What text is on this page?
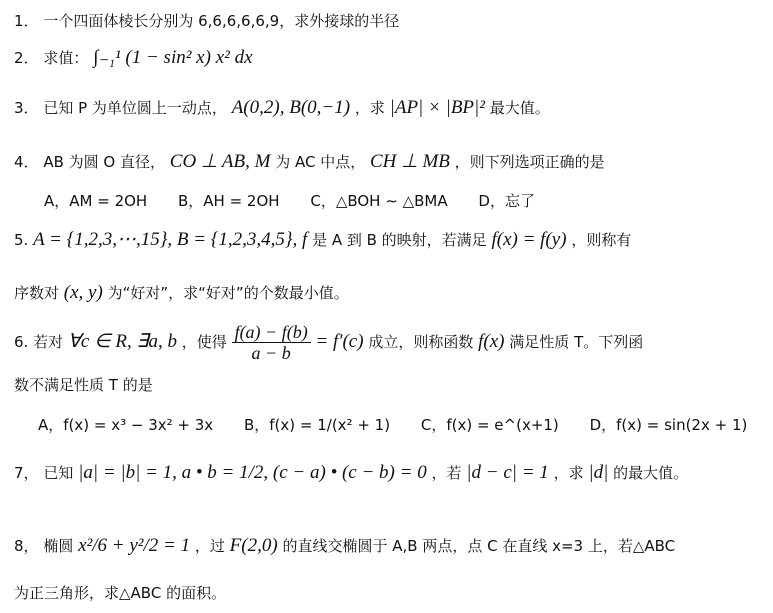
1． 一个四面体棱长分别为 6,6,6,6,6,9，求外接球的半径
2． 求值： ∫₋₁¹ (1 − sin² x) x² dx
3． 已知 P 为单位圆上一动点， A(0,2), B(0,−1) ，求 |AP| × |BP|² 最大值。
4． AB 为圆 O 直径， CO ⊥ AB, M 为 AC 中点， CH ⊥ MB ，则下列选项正确的是
A，AM = 2OH B，AH = 2OH C，△BOH ∼ △BMA D，忘了
5. A = {1,2,3,⋯,15}, B = {1,2,3,4,5}, f 是 A 到 B 的映射，若满足 f(x) = f(y) ，则称有
序数对 (x, y) 为“好对”，求“好对”的个数最小值。
6. 若对 ∀c ∈ R, ∃a, b ，使得 $\frac{f(a) - f(b)}{a - b} = f'(c)$ 成立，则称函数 f(x) 满足性质 T。下列函
数不满足性质 T 的是
A，f(x) = x³ − 3x² + 3x B，f(x) = 1/(x² + 1) C，f(x) = e^(x+1) D，f(x) = sin(2x + 1)
7， 已知 |a| = |b| = 1, a • b = 1/2, (c − a) • (c − b) = 0 ，若 |d − c| = 1 ，求 |d| 的最大值。
8， 椭圆 x²/6 + y²/2 = 1 ，过 F(2,0) 的直线交椭圆于 A,B 两点，点 C 在直线 x=3 上，若△ABC
为正三角形，求△ABC 的面积。
